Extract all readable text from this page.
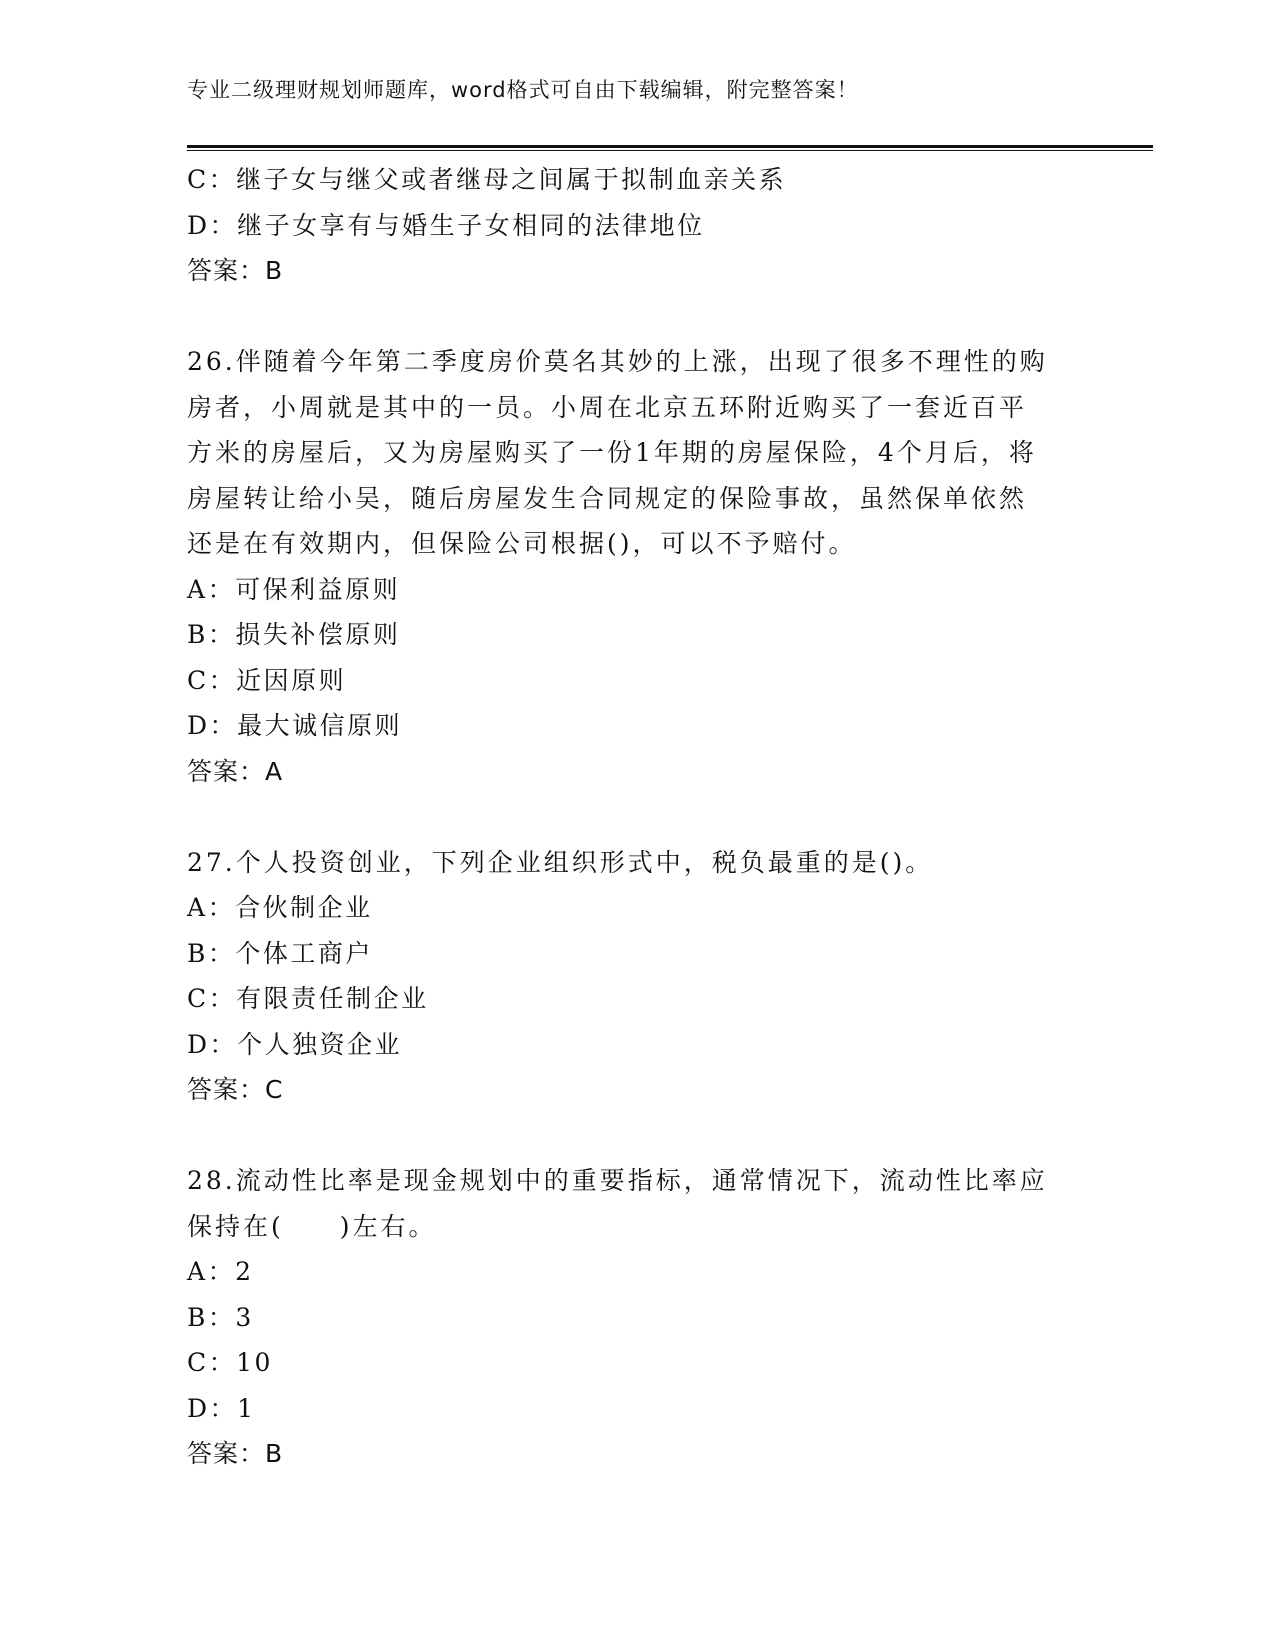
专业二级理财规划师题库，word格式可自由下载编辑，附完整答案！
C：继子女与继父或者继母之间属于拟制血亲关系
D：继子女享有与婚生子女相同的法律地位
答案：B
26.伴随着今年第二季度房价莫名其妙的上涨，出现了很多不理性的购
房者，小周就是其中的一员。小周在北京五环附近购买了一套近百平
方米的房屋后，又为房屋购买了一份1年期的房屋保险，4个月后，将
房屋转让给小吴，随后房屋发生合同规定的保险事故，虽然保单依然
还是在有效期内，但保险公司根据()，可以不予赔付。
A：可保利益原则
B：损失补偿原则
C：近因原则
D：最大诚信原则
答案：A
27.个人投资创业，下列企业组织形式中，税负最重的是()。
A：合伙制企业
B：个体工商户
C：有限责任制企业
D：个人独资企业
答案：C
28.流动性比率是现金规划中的重要指标，通常情况下，流动性比率应
保持在(　　)左右。
A：2
B：3
C：10
D：1
答案：B
